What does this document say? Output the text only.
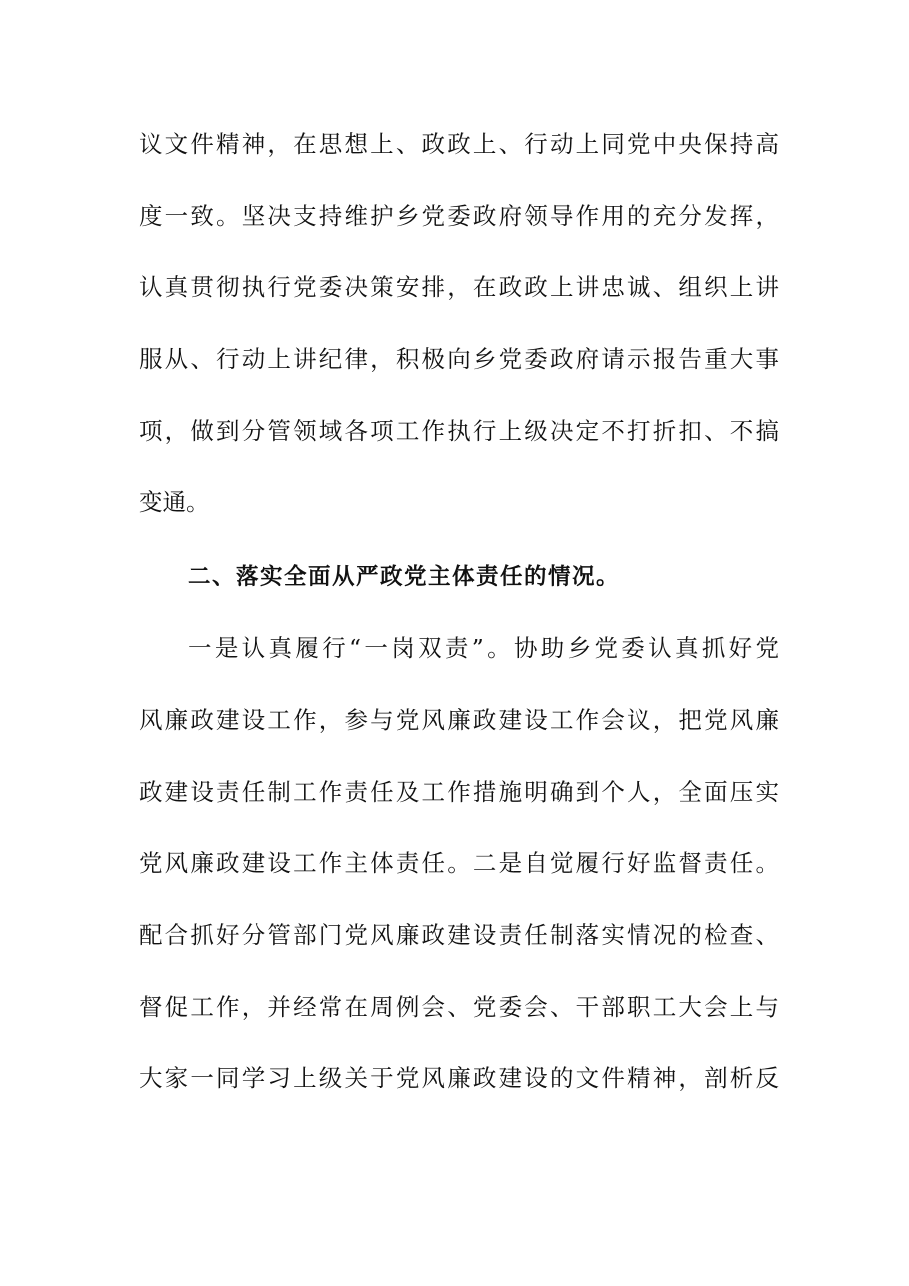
议文件精神，在思想上、政政上、行动上同党中央保持高
度一致。坚决支持维护乡党委政府领导作用的充分发挥，
认真贯彻执行党委决策安排，在政政上讲忠诚、组织上讲
服从、行动上讲纪律，积极向乡党委政府请示报告重大事
项，做到分管领域各项工作执行上级决定不打折扣、不搞
变通。
二、落实全面从严政党主体责任的情况。
一是认真履行“一岗双责”。协助乡党委认真抓好党
风廉政建设工作，参与党风廉政建设工作会议，把党风廉
政建设责任制工作责任及工作措施明确到个人，全面压实
党风廉政建设工作主体责任。二是自觉履行好监督责任。
配合抓好分管部门党风廉政建设责任制落实情况的检查、
督促工作，并经常在周例会、党委会、干部职工大会上与
大家一同学习上级关于党风廉政建设的文件精神，剖析反
